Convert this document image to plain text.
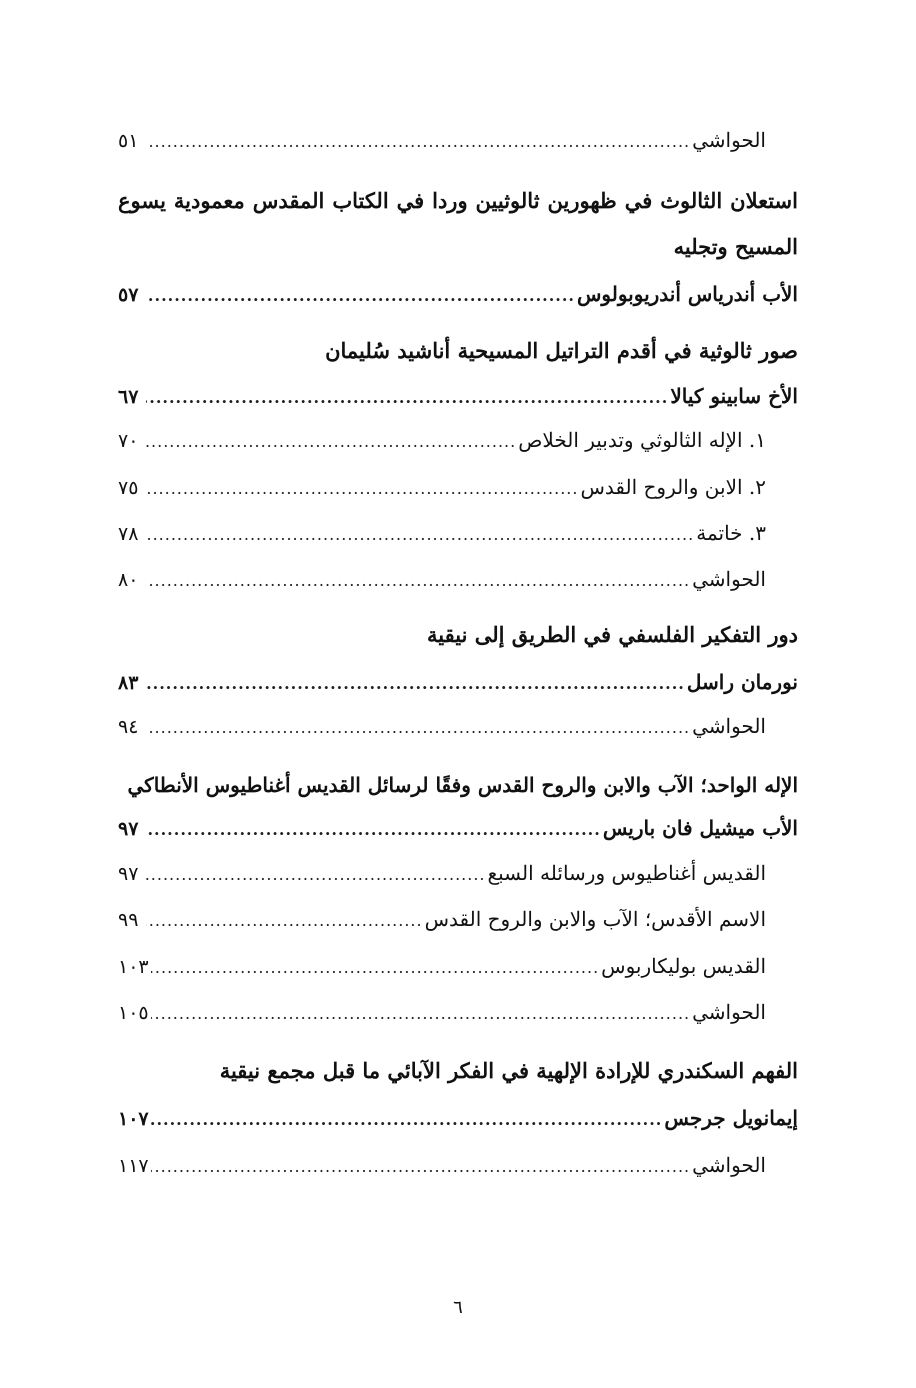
الحواشي
.....
٥١
استعلان الثالوث في ظهورين ثالوثيين وردا في الكتاب المقدس معمودية يسوع المسيح وتجليه
الأب أندرياس أندريوبولوس
.....
٥٧
صور ثالوثية في أقدم التراتيل المسيحية أناشيد سُليمان
الأخ سابينو كيالا
.....
٦٧
١. الإله الثالوثي وتدبير الخلاص
.....
٧٠
٢. الابن والروح القدس
.....
٧٥
٣. خاتمة
.....
٧٨
الحواشي
.....
٨٠
دور التفكير الفلسفي في الطريق إلى نيقية
نورمان راسل
.....
٨٣
الحواشي
.....
٩٤
الإله الواحد؛ الآب والابن والروح القدس وفقًا لرسائل القديس أغناطيوس الأنطاكي
الأب ميشيل فان باريس
.....
٩٧
القديس أغناطيوس ورسائله السبع
.....
٩٧
الاسم الأقدس؛ الآب والابن والروح القدس
.....
٩٩
القديس بوليكاربوس
.....
١٠٣
الحواشي
.....
١٠٥
الفهم السكندري للإرادة الإلهية في الفكر الآبائي ما قبل مجمع نيقية
إيمانويل جرجس
.....
١٠٧
الحواشي
.....
١١٧
٦
